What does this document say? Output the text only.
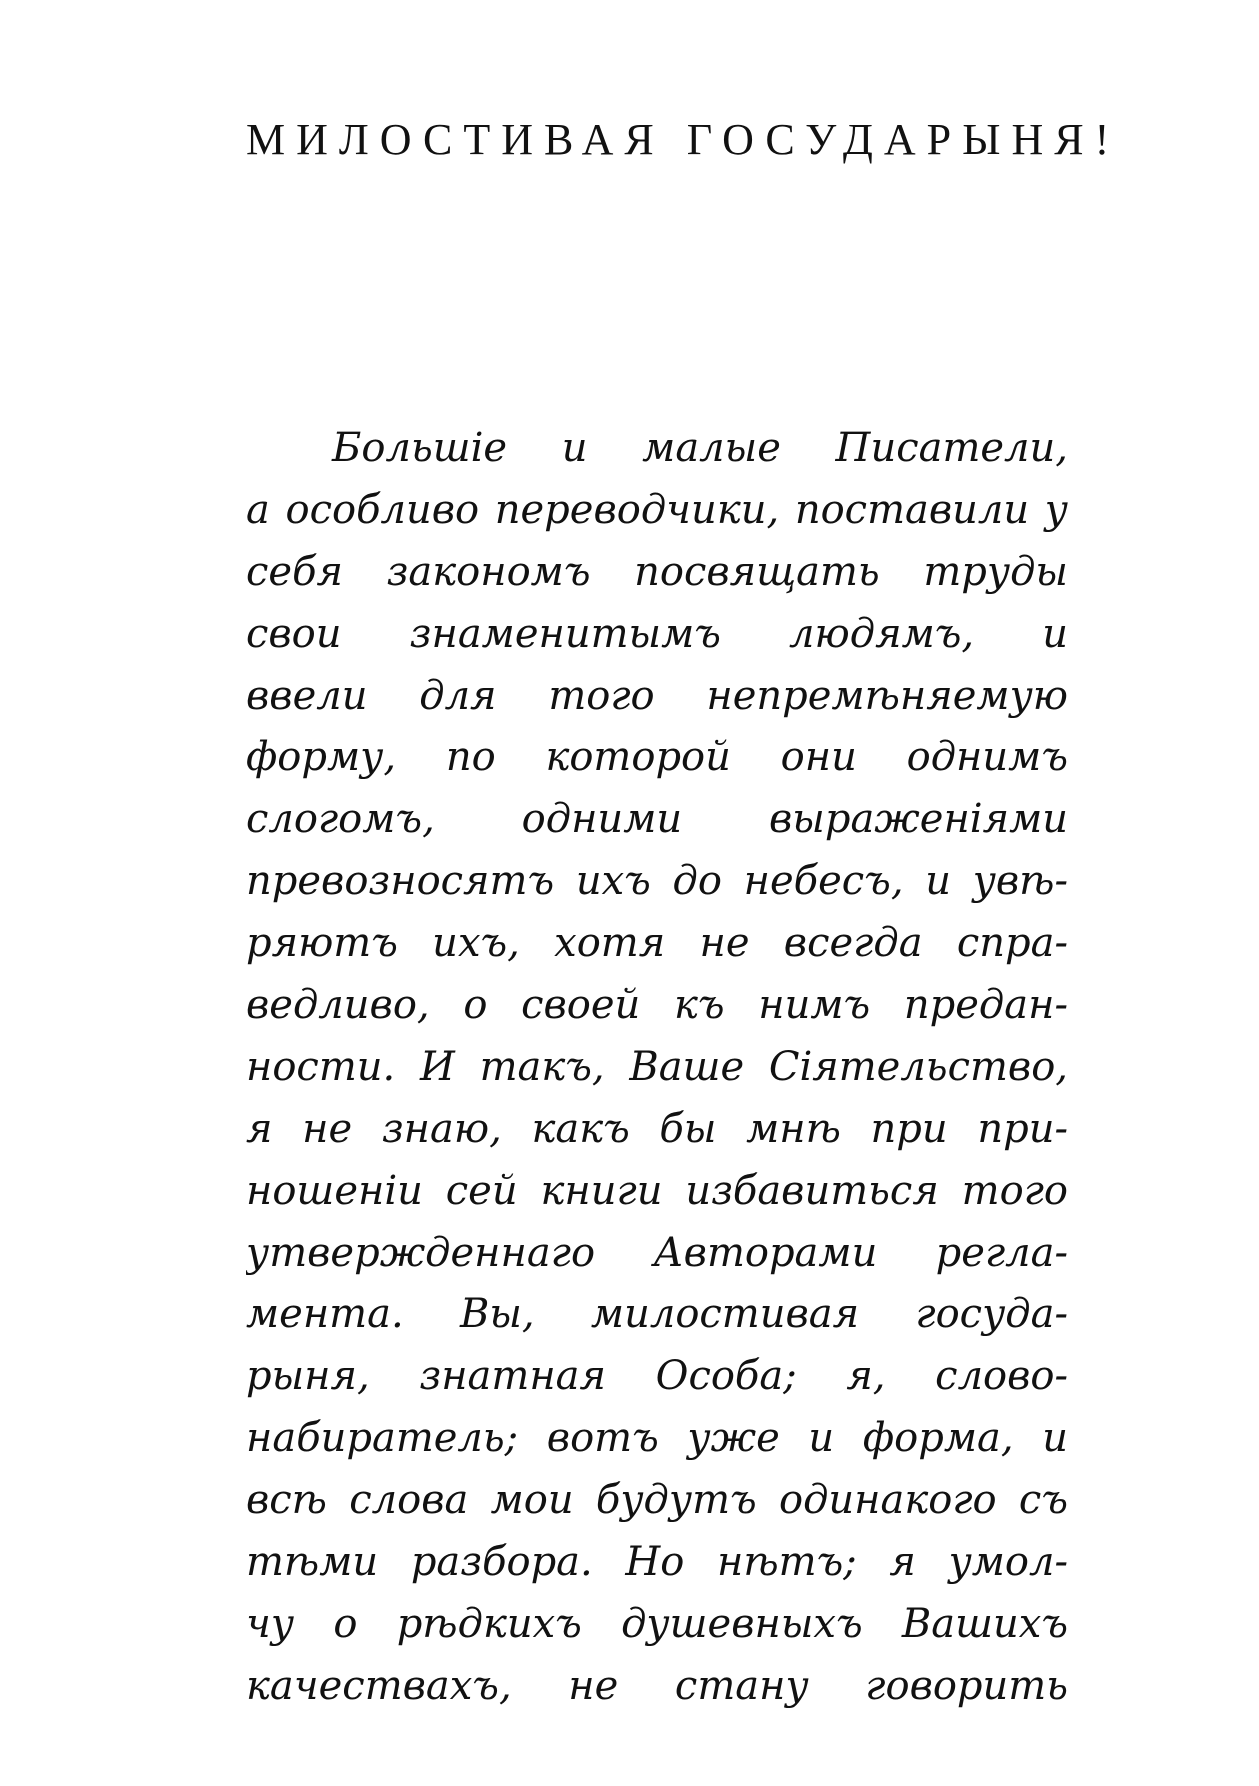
МИЛОСТИВАЯ ГОСУДАРЫНЯ!
Большіе и малые Писатели,
а особливо переводчики, поставили у
себя закономъ посвящать труды
свои знаменитымъ людямъ, и
ввели для того непремѣняемую
форму, по которой они однимъ
слогомъ, одними выраженіями
превозносятъ ихъ до небесъ, и увѣ-
ряютъ ихъ, хотя не всегда спра-
ведливо, о своей къ нимъ предан-
ности. И такъ, Ваше Сіятельство,
я не знаю, какъ бы мнѣ при при-
ношеніи сей книги избавиться того
утвержденнаго Авторами регла-
мента. Вы, милостивая госуда-
рыня, знатная Особа; я, слово-
набиратель; вотъ уже и форма, и
всѣ слова мои будутъ одинакого съ
тѣми разбора. Но нѣтъ; я умол-
чу о рѣдкихъ душевныхъ Вашихъ
качествахъ, не стану говорить
